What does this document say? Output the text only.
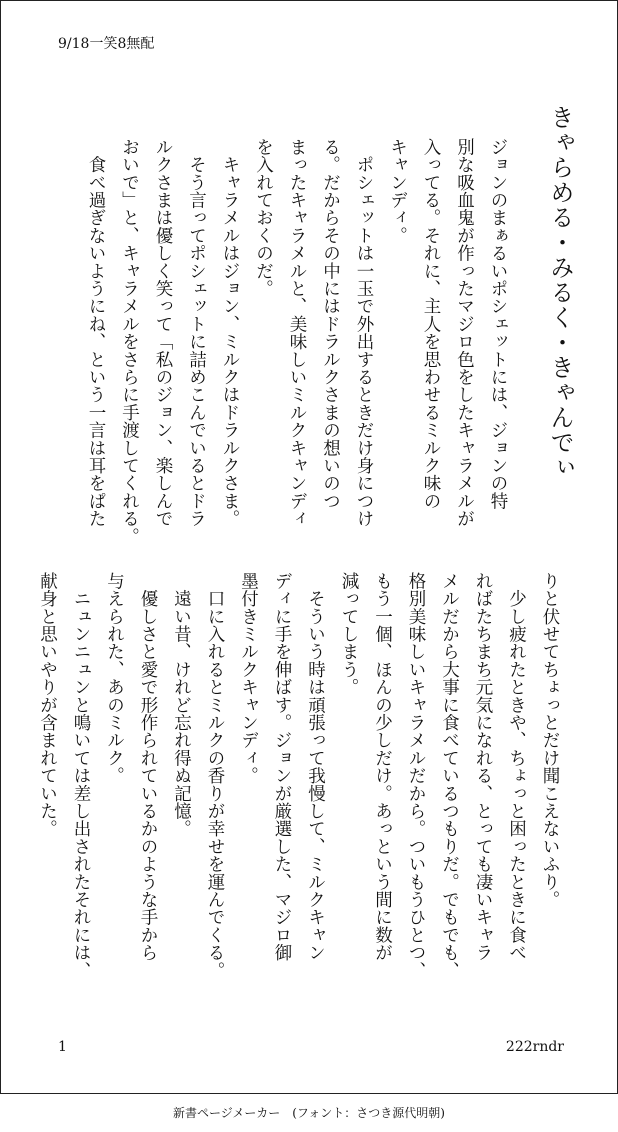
9/18一笑8無配
きゃらめる・みるく・きゃんでぃ
ジョンのまぁるいポシェットには、ジョンの特
別な吸血鬼が作ったマジロ色をしたキャラメルが
入ってる。それに、主人を思わせるミルク味の
キャンディ。
　ポシェットは一玉で外出するときだけ身につけ
る。だからその中にはドラルクさまの想いのつ
まったキャラメルと、美味しいミルクキャンディ
を入れておくのだ。
　キャラメルはジョン、ミルクはドラルクさま。
　そう言ってポシェットに詰めこんでいるとドラ
ルクさまは優しく笑って「私のジョン、楽しんで
おいで」と、キャラメルをさらに手渡してくれる。
　食べ過ぎないようにね、という一言は耳をぱた
りと伏せてちょっとだけ聞こえないふり。
　少し疲れたときや、ちょっと困ったときに食べ
ればたちまち元気になれる、とっても凄いキャラ
メルだから大事に食べているつもりだ。でもでも、
格別美味しいキャラメルだから。ついもうひとつ、
もう一個、ほんの少しだけ。あっという間に数が
減ってしまう。
　そういう時は頑張って我慢して、ミルクキャン
ディに手を伸ばす。ジョンが厳選した、マジロ御
墨付きミルクキャンディ。
　口に入れるとミルクの香りが幸せを運んでくる。
　遠い昔、けれど忘れ得ぬ記憶。
　優しさと愛で形作られているかのような手から
与えられた、あのミルク。
　ニュンニュンと鳴いては差し出されたそれには、
献身と思いやりが含まれていた。
1	222rndr
新書ページメーカー　(フォント：さつき源代明朝)
